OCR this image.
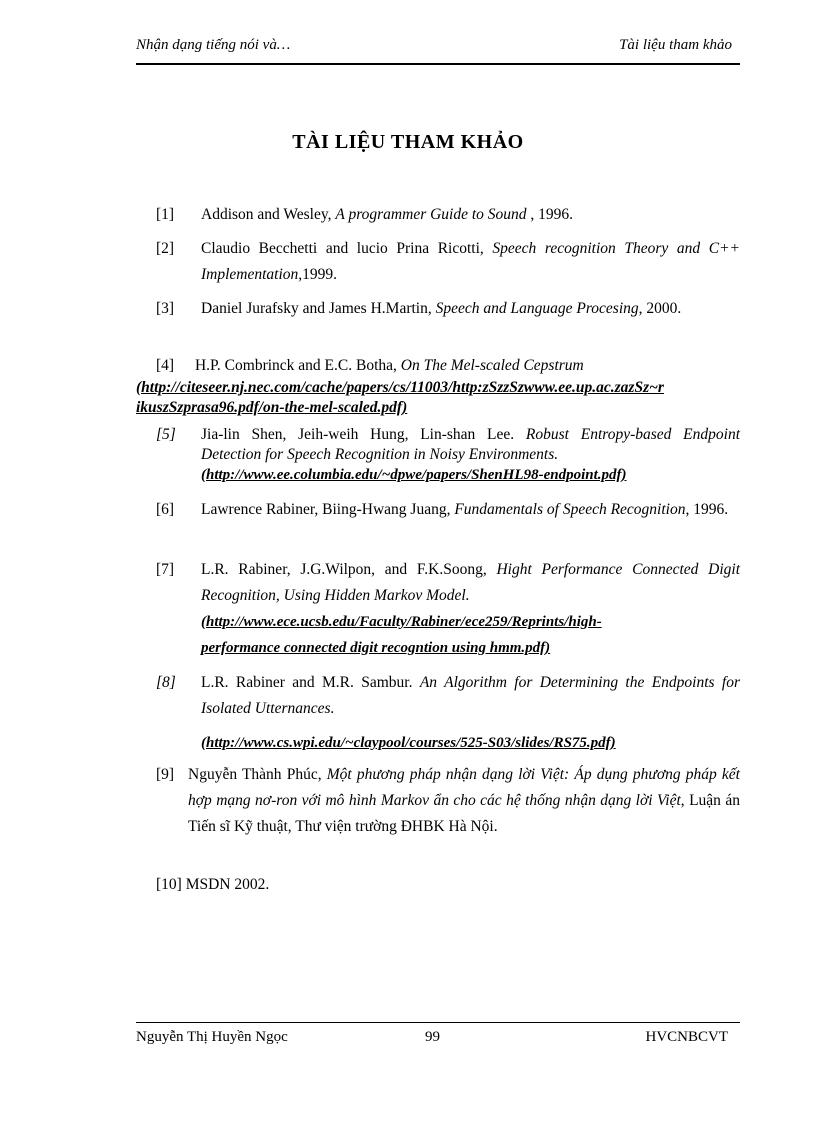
Nhận dạng tiếng nói và…	Tài liệu tham khảo
TÀI LIỆU THAM KHẢO
[1] Addison and Wesley, A programmer Guide to Sound , 1996.
[2] Claudio Becchetti and lucio Prina Ricotti, Speech recognition Theory and C++ Implementation,1999.
[3] Daniel Jurafsky and James H.Martin, Speech and Language Procesing, 2000.
[4] H.P. Combrinck and E.C. Botha, On The Mel-scaled Cepstrum
(http://citeseer.nj.nec.com/cache/papers/cs/11003/http:zSzzSzwww.ee.up.ac.zazSz~r
ikuszSzprasa96.pdf/on-the-mel-scaled.pdf)
[5] Jia-lin Shen, Jeih-weih Hung, Lin-shan Lee. Robust Entropy-based Endpoint Detection for Speech Recognition in Noisy Environments.
(http://www.ee.columbia.edu/~dpwe/papers/ShenHL98-endpoint.pdf)
[6] Lawrence Rabiner, Biing-Hwang Juang, Fundamentals of Speech Recognition, 1996.
[7] L.R. Rabiner, J.G.Wilpon, and F.K.Soong, Hight Performance Connected Digit Recognition, Using Hidden Markov Model.
(http://www.ece.ucsb.edu/Faculty/Rabiner/ece259/Reprints/high-
performance connected digit recogntion using hmm.pdf)
[8] L.R. Rabiner and M.R. Sambur. An Algorithm for Determining the Endpoints for Isolated Utternances.
(http://www.cs.wpi.edu/~claypool/courses/525-S03/slides/RS75.pdf)
[9] Nguyễn Thành Phúc, Một phương pháp nhận dạng lời Việt: Áp dụng phương pháp kết hợp mạng nơ-ron với mô hình Markov ẩn cho các hệ thống nhận dạng lời Việt, Luận án Tiến sĩ Kỹ thuật, Thư viện trường ĐHBK Hà Nội.
[10] MSDN 2002.
Nguyễn Thị Huyền Ngọc	99	HVCNBCVT
